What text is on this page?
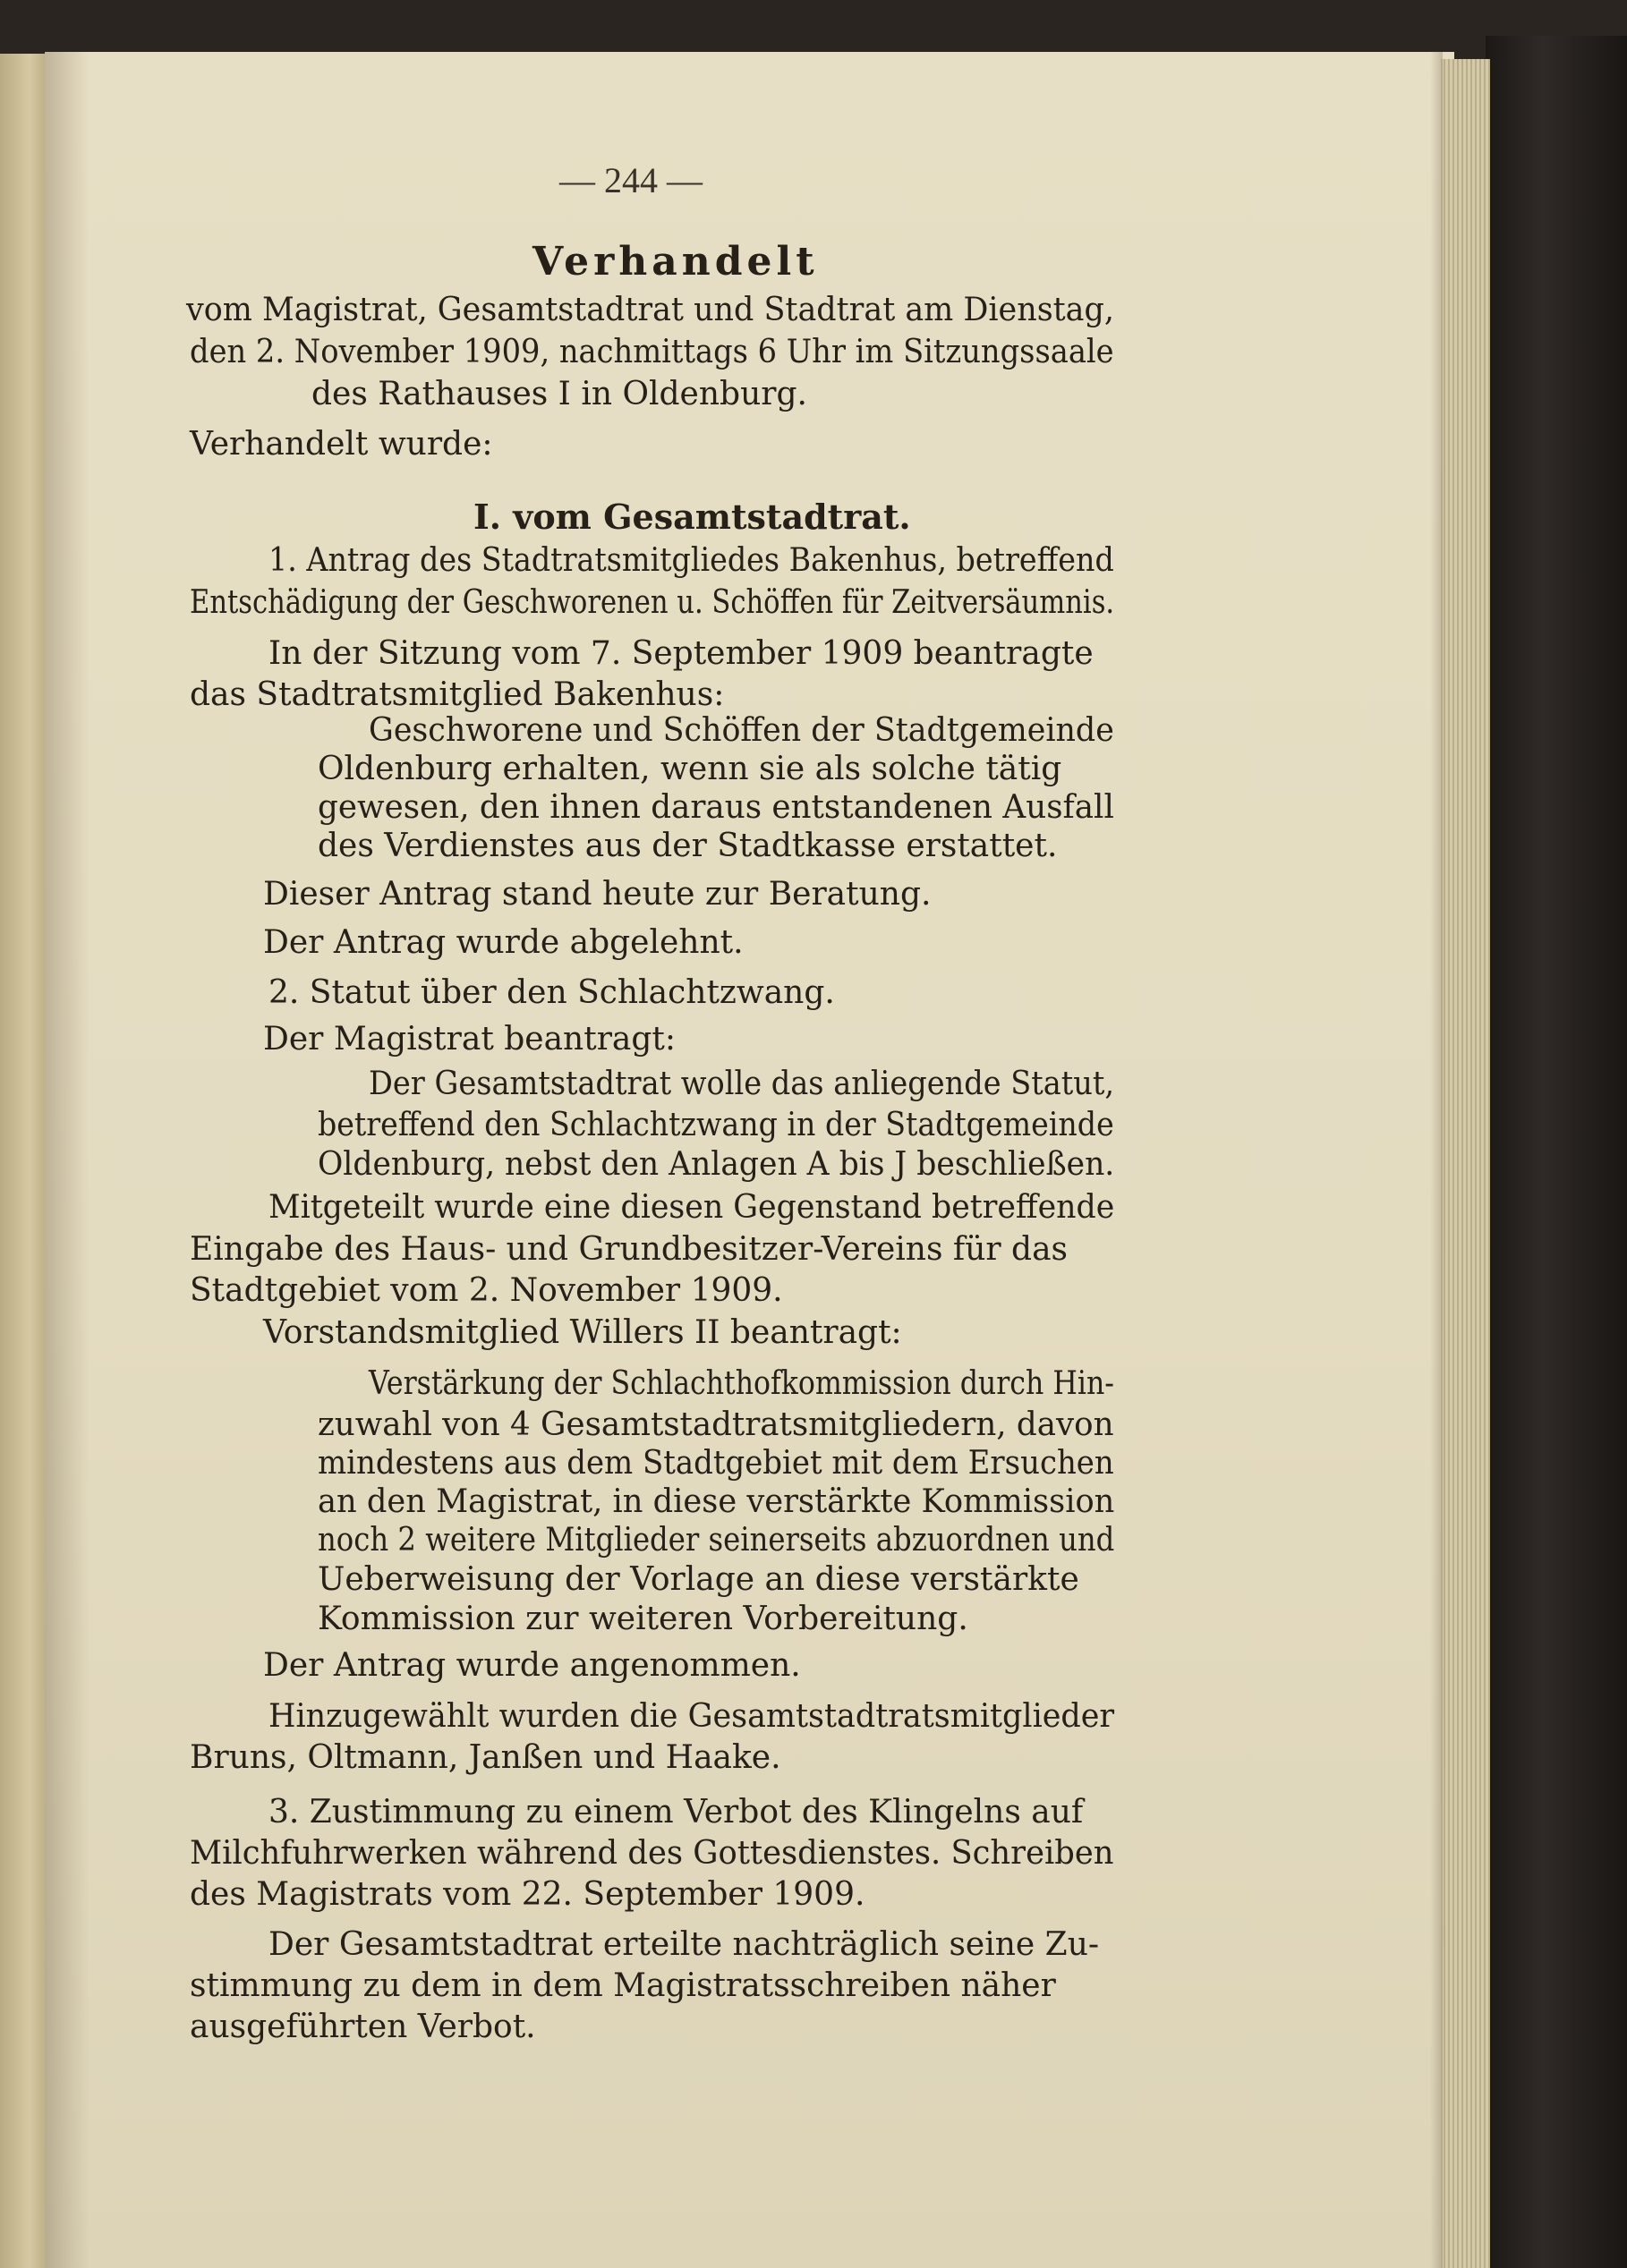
— 244 —
Verhandelt
vom Magistrat, Gesamtstadtrat und Stadtrat am Dienstag,
den 2. November 1909, nachmittags 6 Uhr im Sitzungssaale
des Rathauses I in Oldenburg.
Verhandelt wurde:
I. vom Gesamtstadtrat.
1. Antrag des Stadtratsmitgliedes Bakenhus, betreffend
Entschädigung der Geschworenen u. Schöffen für Zeitversäumnis.
In der Sitzung vom 7. September 1909 beantragte
das Stadtratsmitglied Bakenhus:
Geschworene und Schöffen der Stadtgemeinde
Oldenburg erhalten, wenn sie als solche tätig
gewesen, den ihnen daraus entstandenen Ausfall
des Verdienstes aus der Stadtkasse erstattet.
Dieser Antrag stand heute zur Beratung.
Der Antrag wurde abgelehnt.
2. Statut über den Schlachtzwang.
Der Magistrat beantragt:
Der Gesamtstadtrat wolle das anliegende Statut,
betreffend den Schlachtzwang in der Stadtgemeinde
Oldenburg, nebst den Anlagen A bis J beschließen.
Mitgeteilt wurde eine diesen Gegenstand betreffende
Eingabe des Haus- und Grundbesitzer-Vereins für das
Stadtgebiet vom 2. November 1909.
Vorstandsmitglied Willers II beantragt:
Verstärkung der Schlachthofkommission durch Hin-
zuwahl von 4 Gesamtstadtratsmitgliedern, davon
mindestens aus dem Stadtgebiet mit dem Ersuchen
an den Magistrat, in diese verstärkte Kommission
noch 2 weitere Mitglieder seinerseits abzuordnen und
Ueberweisung der Vorlage an diese verstärkte
Kommission zur weiteren Vorbereitung.
Der Antrag wurde angenommen.
Hinzugewählt wurden die Gesamtstadtratsmitglieder
Bruns, Oltmann, Janßen und Haake.
3. Zustimmung zu einem Verbot des Klingelns auf
Milchfuhrwerken während des Gottesdienstes. Schreiben
des Magistrats vom 22. September 1909.
Der Gesamtstadtrat erteilte nachträglich seine Zu-
stimmung zu dem in dem Magistratsschreiben näher
ausgeführten Verbot.
